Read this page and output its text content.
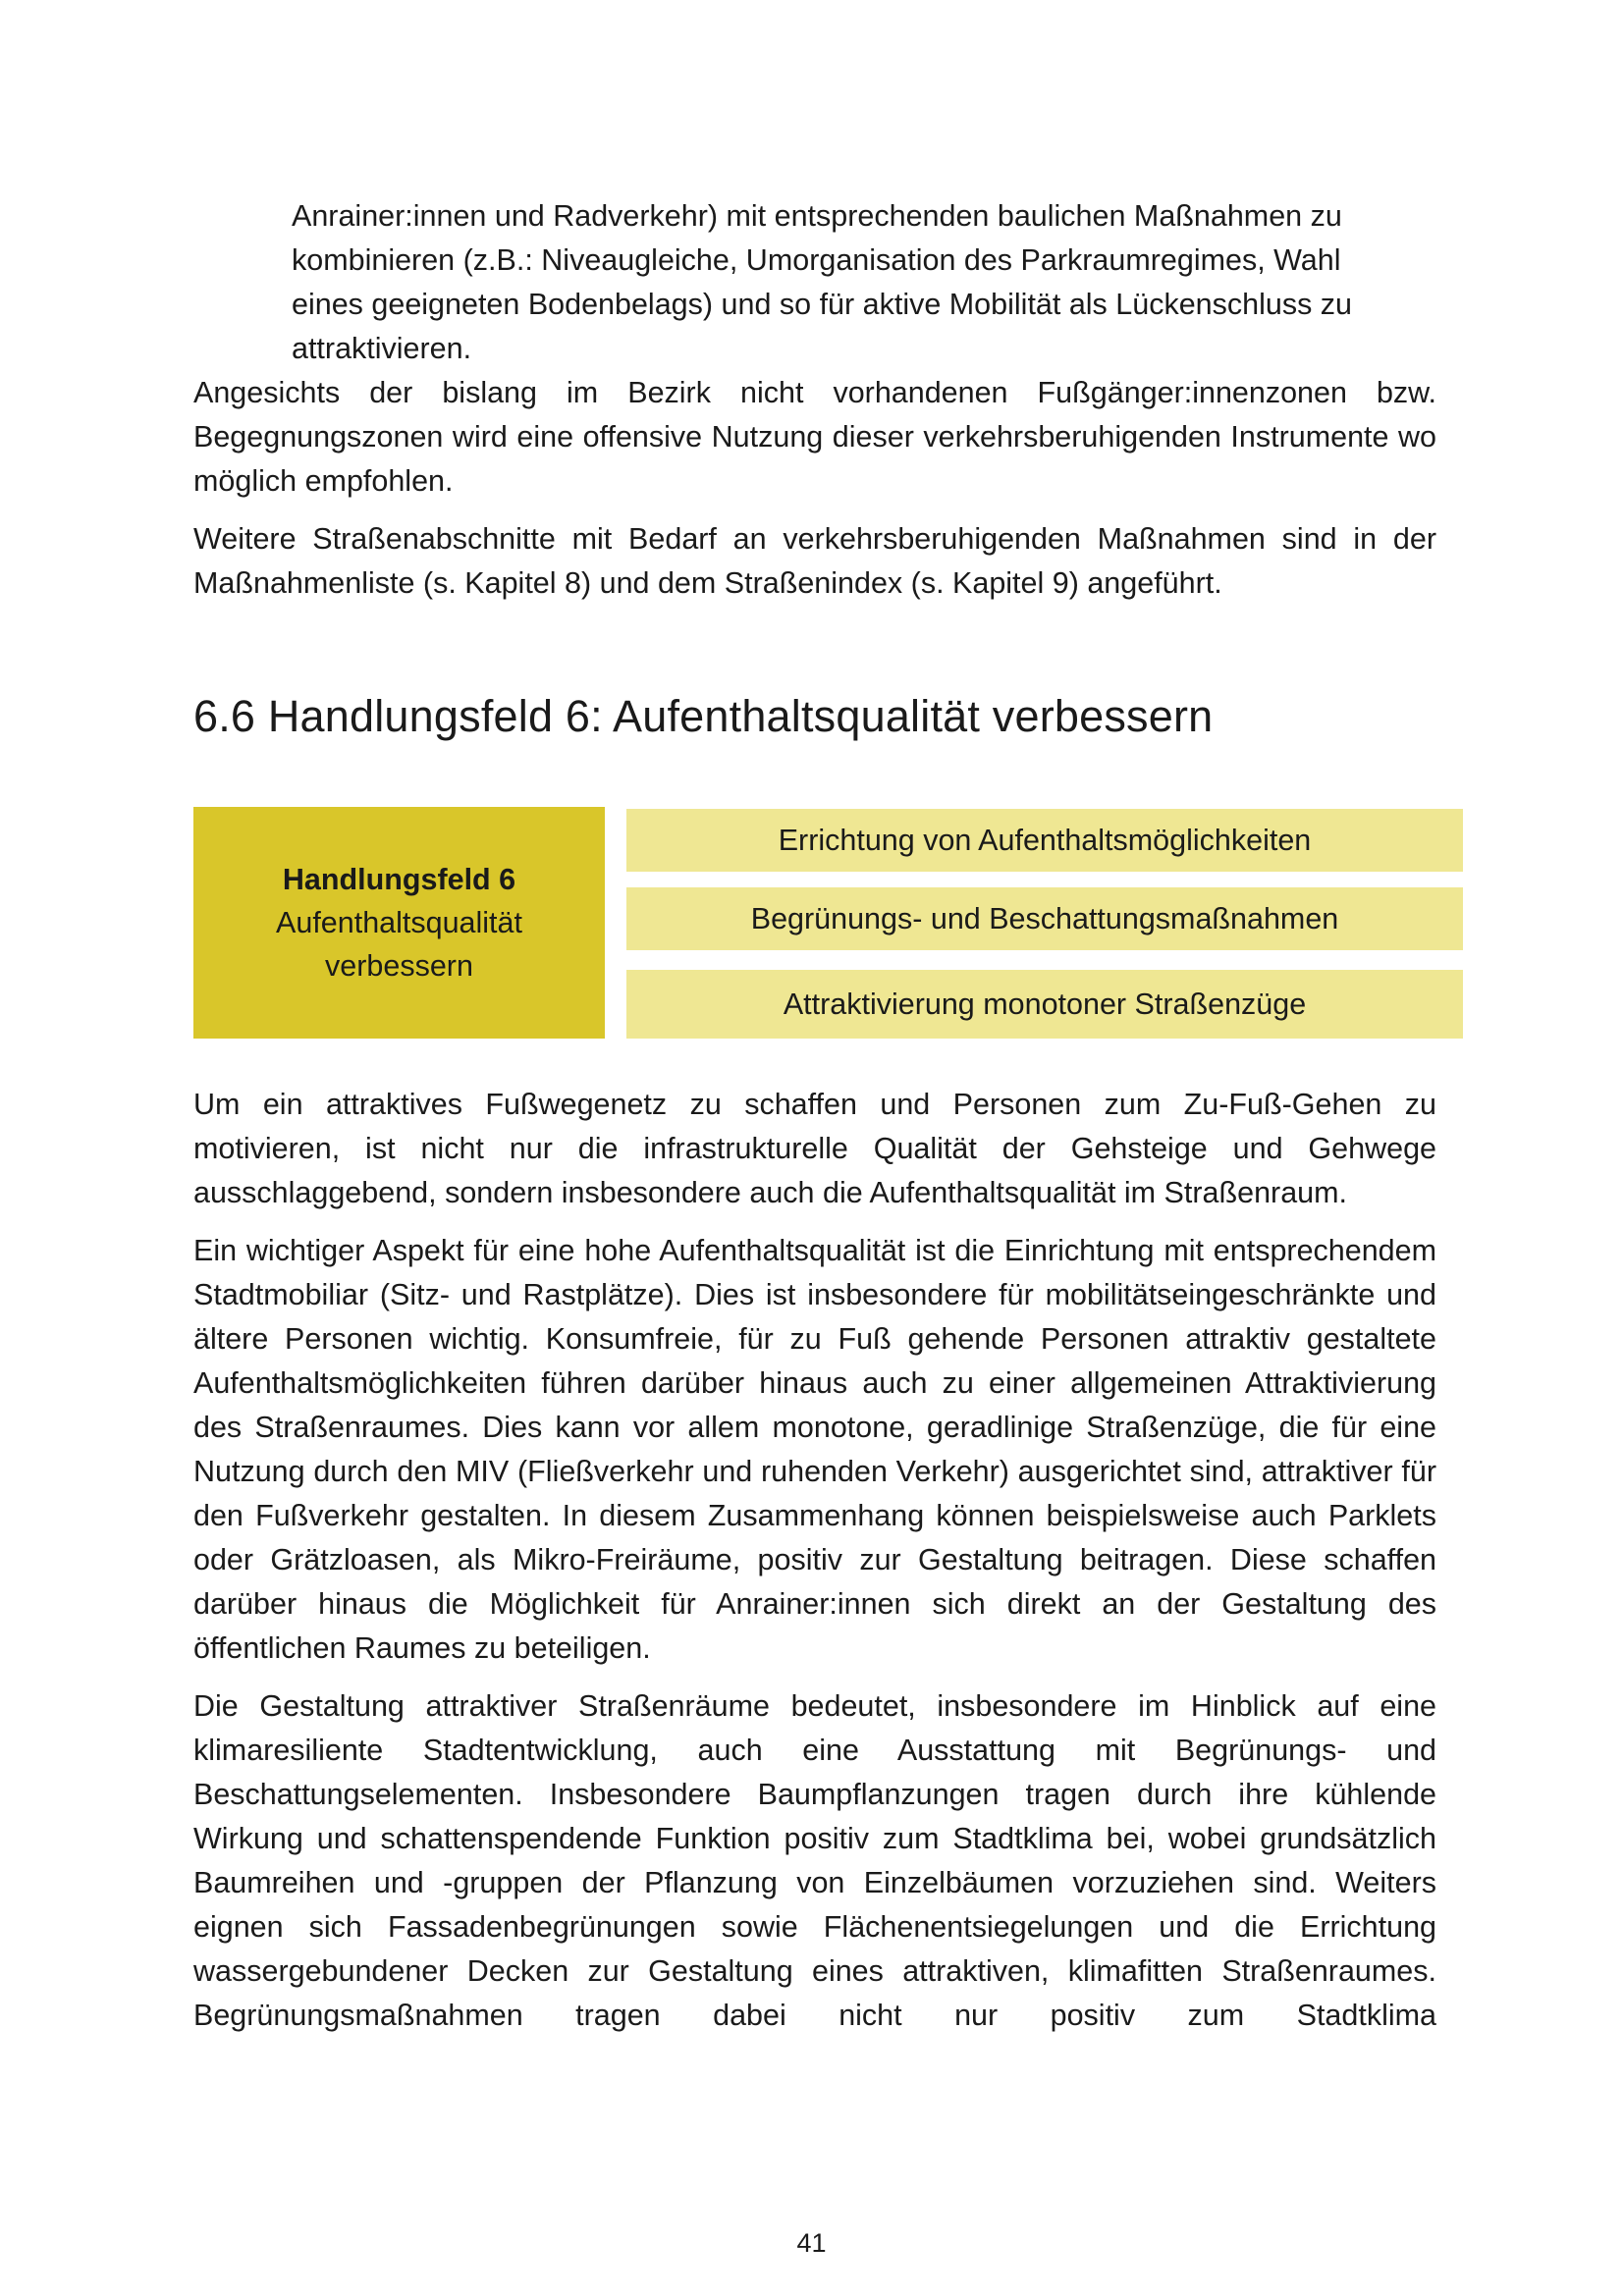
Anrainer:innen und Radverkehr) mit entsprechenden baulichen Maßnahmen zu

kombinieren (z.B.: Niveaugleiche, Umorganisation des Parkraumregimes, Wahl

eines geeigneten Bodenbelags) und so für aktive Mobilität als Lückenschluss zu

attraktivieren.

Angesichts der bislang im Bezirk nicht vorhandenen Fußgänger:innenzonen bzw. Begegnungszonen wird eine offensive Nutzung dieser verkehrsberuhigenden Instrumente wo möglich empfohlen.

Weitere Straßenabschnitte mit Bedarf an verkehrsberuhigenden Maßnahmen sind in der Maßnahmenliste (s. Kapitel 8) und dem Straßenindex (s. Kapitel 9) angeführt.

6.6 Handlungsfeld 6: Aufenthaltsqualität verbessern
Handlungsfeld 6
Aufenthaltsqualität
verbessern
Errichtung von Aufenthaltsmöglichkeiten
Begrünungs- und Beschattungsmaßnahmen
Attraktivierung monotoner Straßenzüge

Um ein attraktives Fußwegenetz zu schaffen und Personen zum Zu-Fuß-Gehen zu motivieren, ist nicht nur die infrastrukturelle Qualität der Gehsteige und Gehwege ausschlaggebend, sondern insbesondere auch die Aufenthaltsqualität im Straßenraum.

Ein wichtiger Aspekt für eine hohe Aufenthaltsqualität ist die Einrichtung mit entsprechendem Stadtmobiliar (Sitz- und Rastplätze). Dies ist insbesondere für mobilitätseingeschränkte und ältere Personen wichtig. Konsumfreie, für zu Fuß gehende Personen attraktiv gestaltete Aufenthaltsmöglichkeiten führen darüber hinaus auch zu einer allgemeinen Attraktivierung des Straßenraumes. Dies kann vor allem monotone, geradlinige Straßenzüge, die für eine Nutzung durch den MIV (Fließverkehr und ruhenden Verkehr) ausgerichtet sind, attraktiver für den Fußverkehr gestalten. In diesem Zusammenhang können beispielsweise auch Parklets oder Grätzloasen, als Mikro-Freiräume, positiv zur Gestaltung beitragen. Diese schaffen darüber hinaus die Möglichkeit für Anrainer:innen sich direkt an der Gestaltung des öffentlichen Raumes zu beteiligen.

Die Gestaltung attraktiver Straßenräume bedeutet, insbesondere im Hinblick auf eine klimaresiliente Stadtentwicklung, auch eine Ausstattung mit Begrünungs- und Beschattungselementen. Insbesondere Baumpflanzungen tragen durch ihre kühlende Wirkung und schattenspendende Funktion positiv zum Stadtklima bei, wobei grundsätzlich Baumreihen und -gruppen der Pflanzung von Einzelbäumen vorzuziehen sind. Weiters eignen sich Fassadenbegrünungen sowie Flächenentsiegelungen und die Errichtung wassergebundener Decken zur Gestaltung eines attraktiven, klimafitten Straßenraumes. Begrünungsmaßnahmen tragen dabei nicht nur positiv zum Stadtklima

41
